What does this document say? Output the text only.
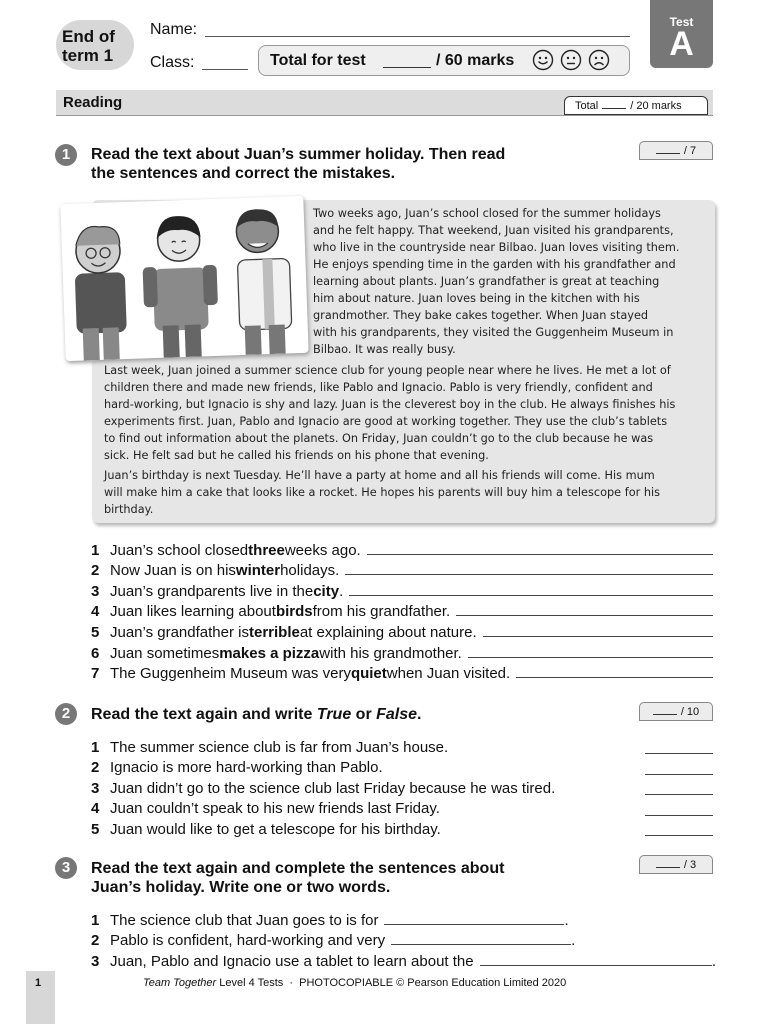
End of
term 1
Name:
Class:	Total for test	/ 60 marks
Test
A
Reading	Total	/ 20 marks
1	Read the text about Juan’s summer holiday. Then read
the sentences and correct the mistakes.
/ 7
Two weeks ago, Juan’s school closed for the summer holidays
and he felt happy. That weekend, Juan visited his grandparents,
who live in the countryside near Bilbao. Juan loves visiting them.
He enjoys spending time in the garden with his grandfather and
learning about plants. Juan’s grandfather is great at teaching
him about nature. Juan loves being in the kitchen with his
grandmother. They bake cakes together. When Juan stayed
with his grandparents, they visited the Guggenheim Museum in
Bilbao. It was really busy.
Last week, Juan joined a summer science club for young people near where he lives. He met a lot of
children there and made new friends, like Pablo and Ignacio. Pablo is very friendly, confident and
hard-working, but Ignacio is shy and lazy. Juan is the cleverest boy in the club. He always finishes his
experiments first. Juan, Pablo and Ignacio are good at working together. They use the club’s tablets
to find out information about the planets. On Friday, Juan couldn’t go to the club because he was
sick. He felt sad but he called his friends on his phone that evening.
Juan’s birthday is next Tuesday. He’ll have a party at home and all his friends will come. His mum
will make him a cake that looks like a rocket. He hopes his parents will buy him a telescope for his
birthday.
1 Juan’s school closed three weeks ago.
2 Now Juan is on his winter holidays.
3 Juan’s grandparents live in the city .
4 Juan likes learning about birds from his grandfather.
5 Juan’s grandfather is terrible at explaining about nature.
6 Juan sometimes makes a pizza with his grandmother.
7 The Guggenheim Museum was very quiet when Juan visited.
2	Read the text again and write True or False.	/ 10
1 The summer science club is far from Juan’s house.
2 Ignacio is more hard-working than Pablo.
3 Juan didn’t go to the science club last Friday because he was tired.
4 Juan couldn’t speak to his new friends last Friday.
5 Juan would like to get a telescope for his birthday.
3	Read the text again and complete the sentences about
Juan’s holiday. Write one or two words.
/ 3
1 The science club that Juan goes to is for	.
2 Pablo is confident, hard-working and very	.
3 Juan, Pablo and Ignacio use a tablet to learn about the	.
1	Team Together Level 4 Tests  ·  PHOTOCOPIABLE © Pearson Education Limited 2020
